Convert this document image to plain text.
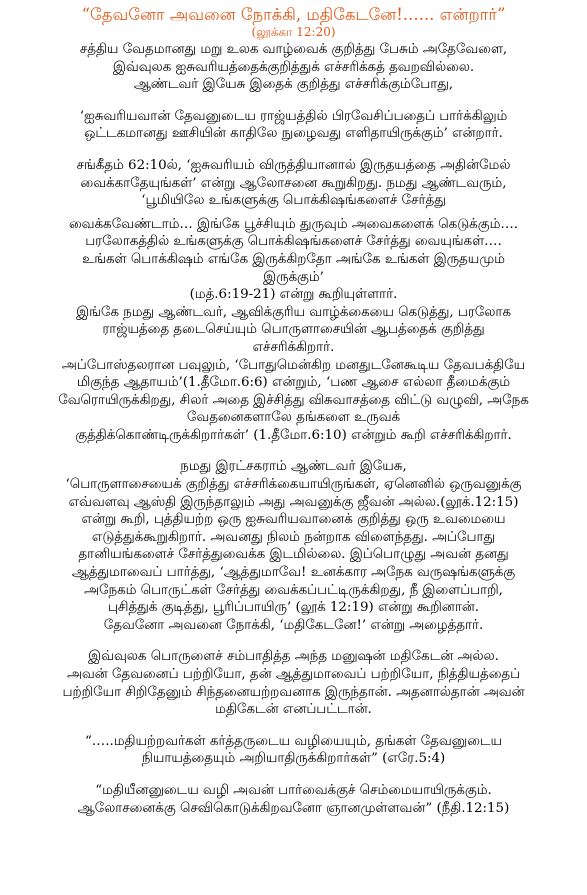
“தேவனோ அவனை நோக்கி, மதிகேடனே!...... என்றார்”

(லூக்கா 12:20)

சத்திய வேதமானது மறு உலக வாழ்வைக் குறித்து பேசும் அதேவேளை,

இவ்வுலக ஐசுவரியத்தைக்குறித்துக் எச்சரிக்கத் தவறவில்லை.

ஆண்டவர் இயேசு இதைக் குறித்து எச்சரிக்கும்போது,

‘ஐசுவரியவான் தேவனுடைய ராஜ்யத்தில் பிரவேசிப்பதைப் பார்க்கிலும்

ஒட்டகமானது ஊசியின் காதிலே நுழைவது எளிதாயிருக்கும்’ என்றார்.

சங்கீதம் 62:10ல், ‘ஐசுவரியம் விருத்தியானால் இருதயத்தை அதின்மேல்

வைக்காதேயுங்கள்’ என்று ஆலோசனை கூறுகிறது. நமது ஆண்டவரும்,

‘பூமியிலே உங்களுக்கு பொக்கிஷங்களைச் சேர்த்து

வைக்கவேண்டாம்… இங்கே பூச்சியும் துருவும் அவைகளைக் கெடுக்கும்….

பரலோகத்தில் உங்களுக்கு பொக்கிஷங்களைச் சேர்த்து வையுங்கள்….

உங்கள் பொக்கிஷம் எங்கே இருக்கிறதோ அங்கே உங்கள் இருதயமும்

இருக்கும்’

(மத்.6:19-21) என்று கூறியுள்ளார்.

இங்கே நமது ஆண்டவர், ஆவிக்குரிய வாழ்க்கையை கெடுத்து, பரலோக

ராஜ்யத்தை தடைசெய்யும் பொருளாசையின் ஆபத்தைக் குறித்து

எச்சரிக்கிறார்.

அப்போஸ்தலரான பவுலும், ‘போதுமென்கிற மனதுடனேகூடிய தேவபக்தியே

மிகுந்த ஆதாயம்’(1.தீமோ.6:6) என்றும், ‘பண ஆசை எல்லா தீமைக்கும்

வேரொயிருக்கிறது, சிலர் அதை இச்சித்து விசுவாசத்தை விட்டு வழுவி, அநேக

வேதனைகளாலே தங்களை உருவக்

குத்திக்கொண்டிருக்கிறார்கள்’ (1.தீமோ.6:10) என்றும் கூறி எச்சரிக்கிறார்.

நமது இரட்சகராம் ஆண்டவர் இயேசு,

‘பொருளாசையைக் குறித்து எச்சரிக்கையாயிருங்கள், ஏனெனில் ஒருவனுக்கு

எவ்வளவு ஆஸ்தி இருந்தாலும் அது அவனுக்கு ஜீவன் அல்ல.(லூக்.12:15)

என்று கூறி, புத்தியற்ற ஒரு ஐசுவரியவானைக் குறித்து ஒரு உவமையை

எடுத்துக்கூறுகிறார். அவனது நிலம் நன்றாக விளைந்தது. அப்போது

தானியங்களைச் சேர்த்துவைக்க இடமில்லை. இப்பொழுது அவன் தனது

ஆத்துமாவைப் பார்த்து, ‘ஆத்துமாவே! உனக்கார அநேக வருஷங்களுக்கு

அநேகம் பொருட்கள் சேர்த்து வைக்கப்பட்டிருக்கிறது, நீ இளைப்பாறி,

புசித்துக் குடித்து, பூரிப்பாயிரு’ (லூக் 12:19) என்று கூறினான்.

தேவனோ அவனை நோக்கி, ‘மதிகேடனே!’ என்று அழைத்தார்.

இவ்வுலக பொருளைச் சம்பாதித்த அந்த மனுஷன் மதிகேடன் அல்ல.

அவன் தேவனைப் பற்றியோ, தன் ஆத்துமாவைப் பற்றியோ, நித்தியத்தைப்

பற்றியோ சிறிதேனும் சிந்தனையற்றவனாக இருந்தான். அதனால்தான் அவன்

மதிகேடன் எனப்பட்டான்.

“…..மதியற்றவர்கள் கர்த்தருடைய வழியையும், தங்கள் தேவனுடைய

நியாயத்தையும் அறியாதிருக்கிறார்கள்” (எரே.5:4)

“மதியீனனுடைய வழி அவன் பார்வைக்குச் செம்மையாயிருக்கும்.

ஆலோசனைக்கு செவிகொடுக்கிறவனோ ஞானமுள்ளவன்” (நீதி.12:15)
